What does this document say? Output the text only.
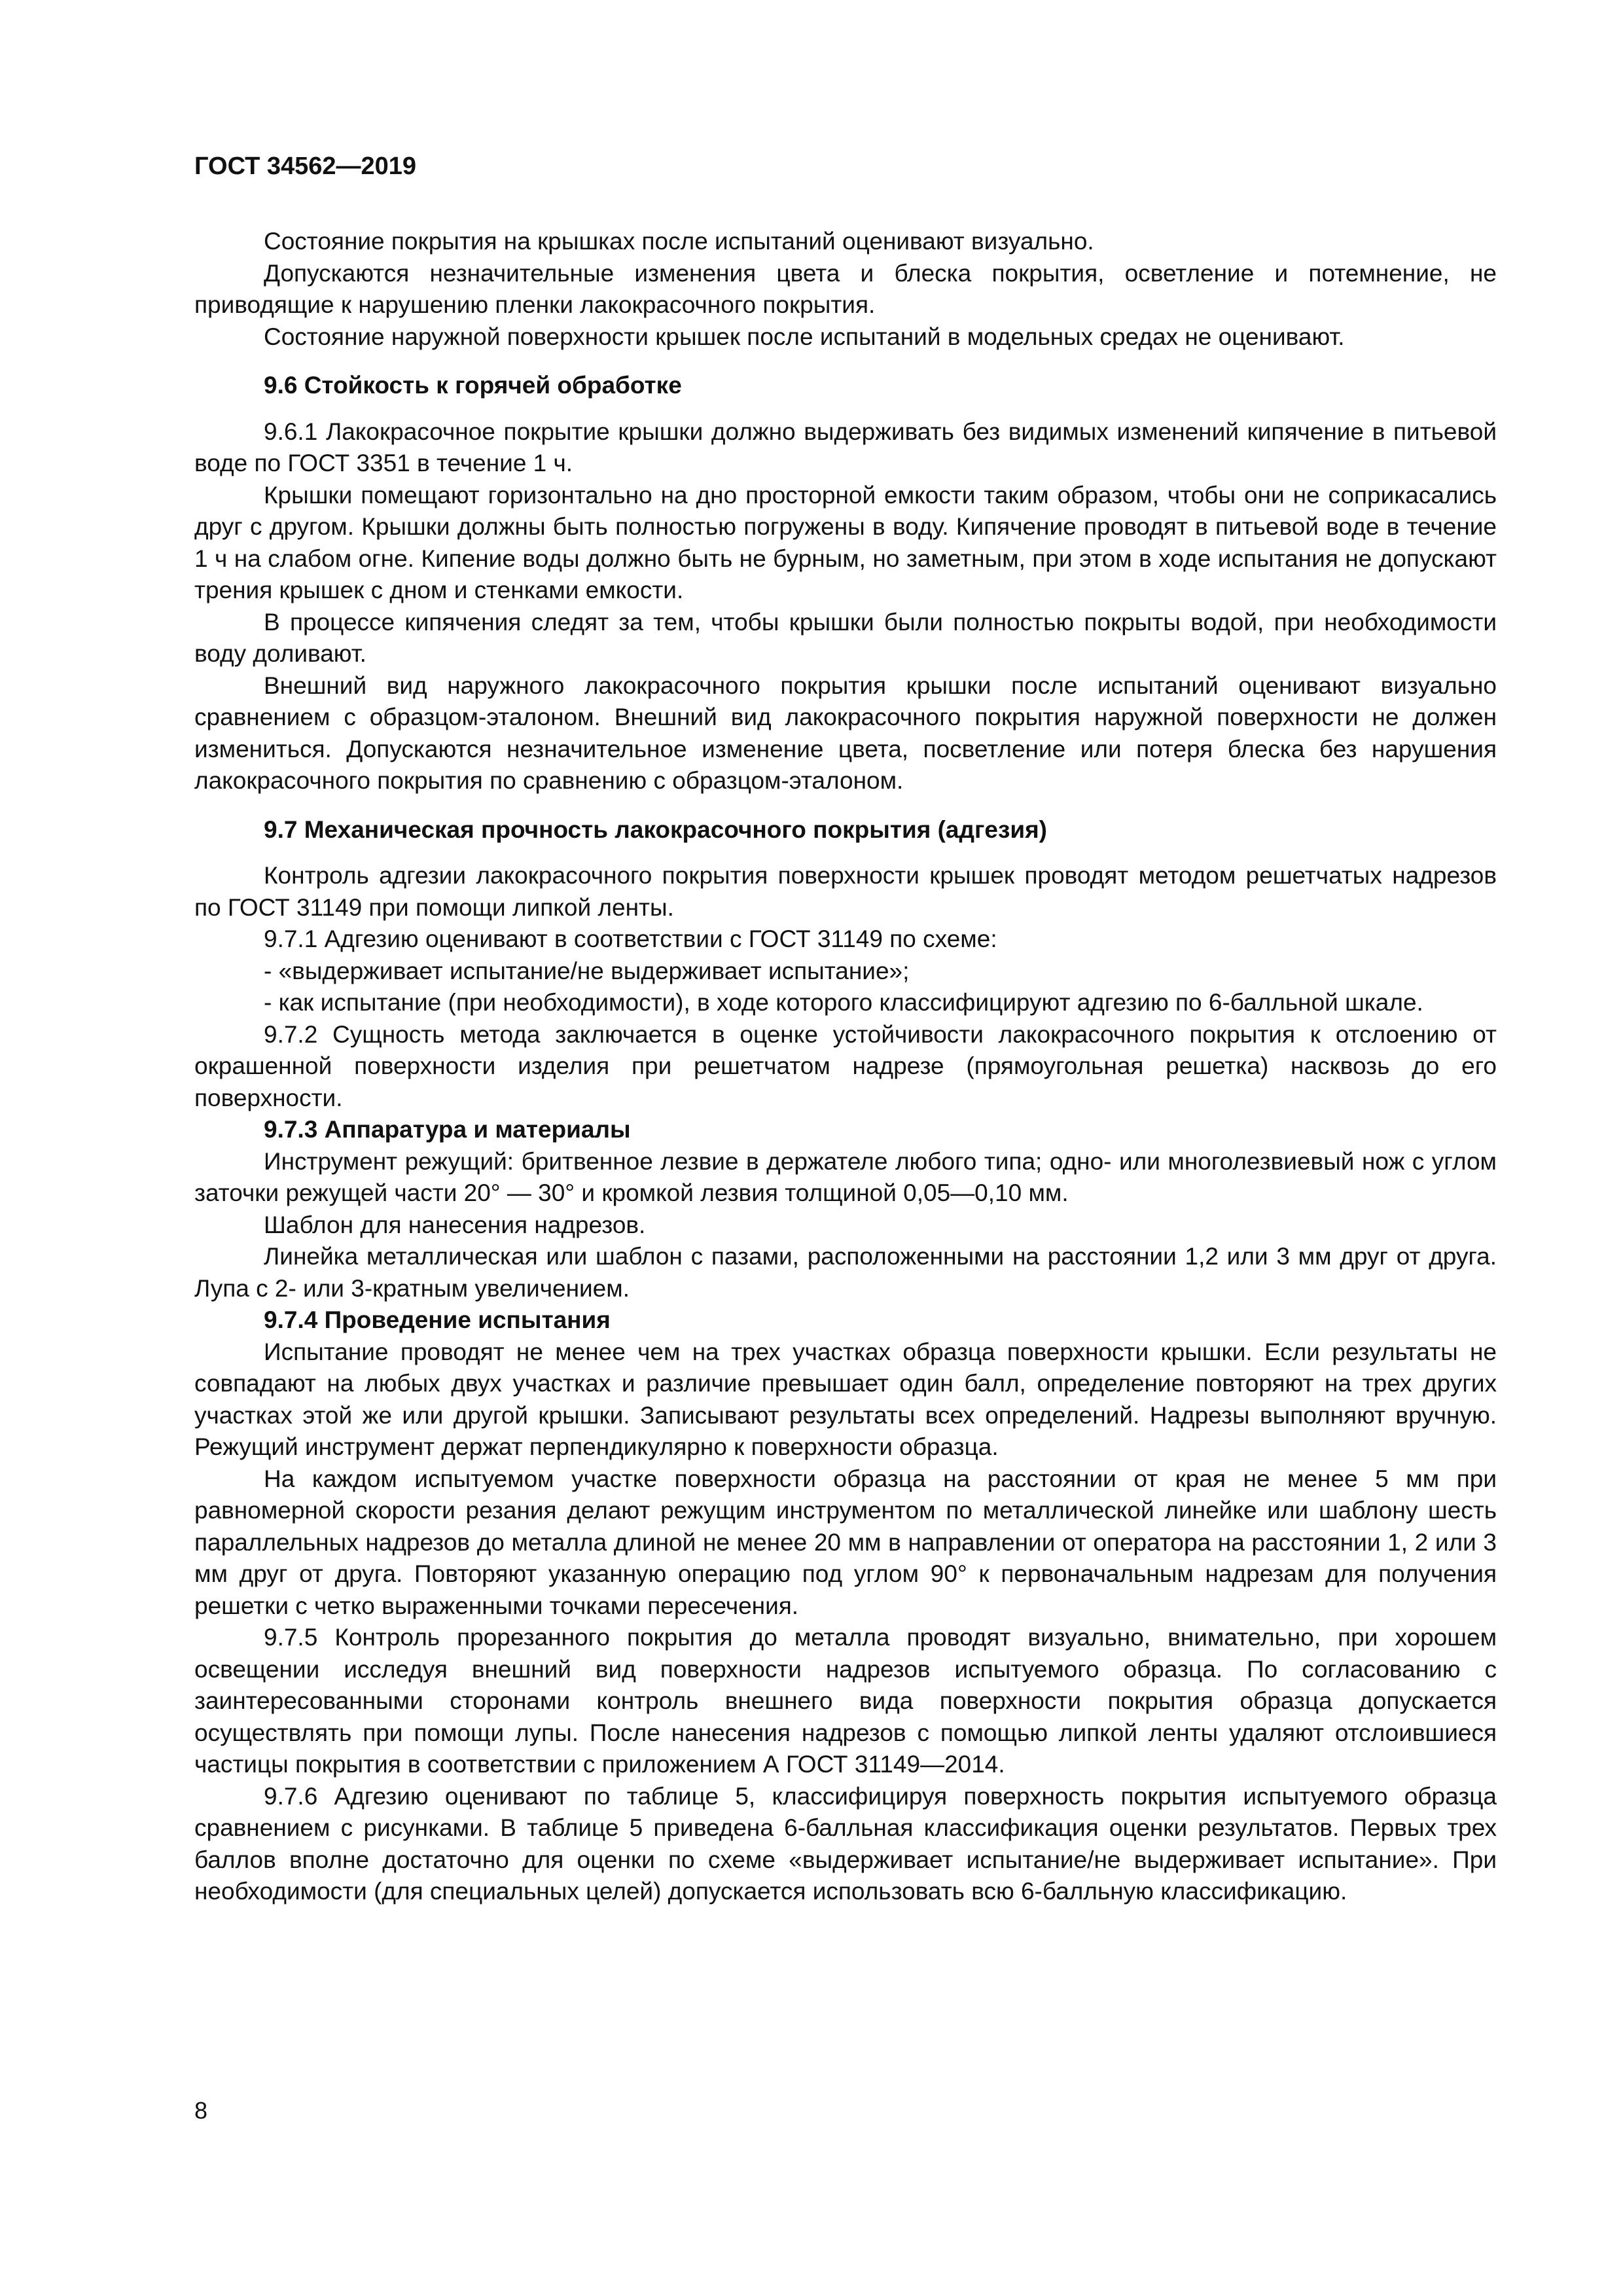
ГОСТ 34562—2019

Состояние покрытия на крышках после испытаний оценивают визуально.

Допускаются незначительные изменения цвета и блеска покрытия, осветление и потемнение, не приводящие к нарушению пленки лакокрасочного покрытия.

Состояние наружной поверхности крышек после испытаний в модельных средах не оценивают.

9.6 Стойкость к горячей обработке

9.6.1 Лакокрасочное покрытие крышки должно выдерживать без видимых изменений кипячение в питьевой воде по ГОСТ 3351 в течение 1 ч.

Крышки помещают горизонтально на дно просторной емкости таким образом, чтобы они не соприкасались друг с другом. Крышки должны быть полностью погружены в воду. Кипячение проводят в питьевой воде в течение 1 ч на слабом огне. Кипение воды должно быть не бурным, но заметным, при этом в ходе испытания не допускают трения крышек с дном и стенками емкости.

В процессе кипячения следят за тем, чтобы крышки были полностью покрыты водой, при необходимости воду доливают.

Внешний вид наружного лакокрасочного покрытия крышки после испытаний оценивают визуально сравнением с образцом-эталоном. Внешний вид лакокрасочного покрытия наружной поверхности не должен измениться. Допускаются незначительное изменение цвета, посветление или потеря блеска без нарушения лакокрасочного покрытия по сравнению с образцом-эталоном.

9.7 Механическая прочность лакокрасочного покрытия (адгезия)

Контроль адгезии лакокрасочного покрытия поверхности крышек проводят методом решетчатых надрезов по ГОСТ 31149 при помощи липкой ленты.

9.7.1 Адгезию оценивают в соответствии с ГОСТ 31149 по схеме:

- «выдерживает испытание/не выдерживает испытание»;

- как испытание (при необходимости), в ходе которого классифицируют адгезию по 6-балльной шкале.

9.7.2 Сущность метода заключается в оценке устойчивости лакокрасочного покрытия к отслоению от окрашенной поверхности изделия при решетчатом надрезе (прямоугольная решетка) насквозь до его поверхности.

9.7.3 Аппаратура и материалы

Инструмент режущий: бритвенное лезвие в держателе любого типа; одно- или многолезвиевый нож с углом заточки режущей части 20° — 30° и кромкой лезвия толщиной 0,05—0,10 мм.

Шаблон для нанесения надрезов.

Линейка металлическая или шаблон с пазами, расположенными на расстоянии 1,2 или 3 мм друг от друга. Лупа с 2- или 3-кратным увеличением.

9.7.4 Проведение испытания

Испытание проводят не менее чем на трех участках образца поверхности крышки. Если результаты не совпадают на любых двух участках и различие превышает один балл, определение повторяют на трех других участках этой же или другой крышки. Записывают результаты всех определений. Надрезы выполняют вручную. Режущий инструмент держат перпендикулярно к поверхности образца.

На каждом испытуемом участке поверхности образца на расстоянии от края не менее 5 мм при равномерной скорости резания делают режущим инструментом по металлической линейке или шаблону шесть параллельных надрезов до металла длиной не менее 20 мм в направлении от оператора на расстоянии 1, 2 или 3 мм друг от друга. Повторяют указанную операцию под углом 90° к первоначальным надрезам для получения решетки с четко выраженными точками пересечения.

9.7.5 Контроль прорезанного покрытия до металла проводят визуально, внимательно, при хорошем освещении исследуя внешний вид поверхности надрезов испытуемого образца. По согласованию с заинтересованными сторонами контроль внешнего вида поверхности покрытия образца допускается осуществлять при помощи лупы. После нанесения надрезов с помощью липкой ленты удаляют отслоившиеся частицы покрытия в соответствии с приложением А ГОСТ 31149—2014.

9.7.6 Адгезию оценивают по таблице 5, классифицируя поверхность покрытия испытуемого образца сравнением с рисунками. В таблице 5 приведена 6-балльная классификация оценки результатов. Первых трех баллов вполне достаточно для оценки по схеме «выдерживает испытание/не выдерживает испытание». При необходимости (для специальных целей) допускается использовать всю 6-балльную классификацию.

8
